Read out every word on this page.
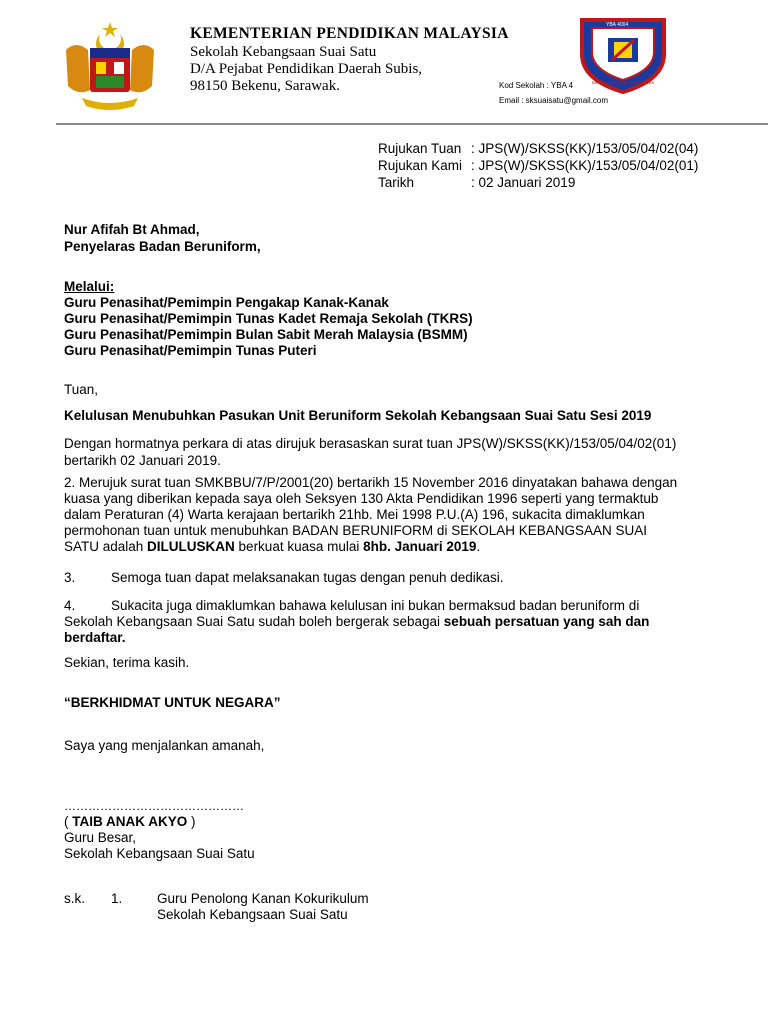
KEMENTERIAN PENDIDIKAN MALAYSIA
Sekolah Kebangsaan Suai Satu
D/A Pejabat Pendidikan Daerah Subis,
98150 Bekenu, Sarawak.	Kod Sekolah : YBA 4
Email : sksuaisatu@gmail.com
YBA 4004
BERILMU BERIMAN BERAKHLAK
Rujukan Tuan : JPS(W)/SKSS(KK)/153/05/04/02(04)
Rujukan Kami : JPS(W)/SKSS(KK)/153/05/04/02(01)
Tarikh	: 02 Januari 2019
Nur Afifah Bt Ahmad,
Penyelaras Badan Beruniform,
Melalui:
Guru Penasihat/Pemimpin Pengakap Kanak-Kanak
Guru Penasihat/Pemimpin Tunas Kadet Remaja Sekolah (TKRS)
Guru Penasihat/Pemimpin Bulan Sabit Merah Malaysia (BSMM)
Guru Penasihat/Pemimpin Tunas Puteri
Tuan,
Kelulusan Menubuhkan Pasukan Unit Beruniform Sekolah Kebangsaan Suai Satu Sesi 2019
Dengan hormatnya perkara di atas dirujuk berasaskan surat tuan JPS(W)/SKSS(KK)/153/05/04/02(01)
bertarikh 02 Januari 2019.
2. Merujuk surat tuan SMKBBU/7/P/2001(20) bertarikh 15 November 2016 dinyatakan bahawa dengan
kuasa yang diberikan kepada saya oleh Seksyen 130 Akta Pendidikan 1996 seperti yang termaktub
dalam Peraturan (4) Warta kerajaan bertarikh 21hb. Mei 1998 P.U.(A) 196, sukacita dimaklumkan
permohonan tuan untuk menubuhkan BADAN BERUNIFORM di SEKOLAH KEBANGSAAN SUAI
SATU adalah DILULUSKAN berkuat kuasa mulai 8hb. Januari 2019.
3.	Semoga tuan dapat melaksanakan tugas dengan penuh dedikasi.
4.	Sukacita juga dimaklumkan bahawa kelulusan ini bukan bermaksud badan beruniform di
Sekolah Kebangsaan Suai Satu sudah boleh bergerak sebagai sebuah persatuan yang sah dan
berdaftar.
Sekian, terima kasih.
“BERKHIDMAT UNTUK NEGARA”
Saya yang menjalankan amanah,
………………………………………
( TAIB ANAK AKYO )
Guru Besar,
Sekolah Kebangsaan Suai Satu
s.k. 1.	Guru Penolong Kanan Kokurikulum
Sekolah Kebangsaan Suai Satu
